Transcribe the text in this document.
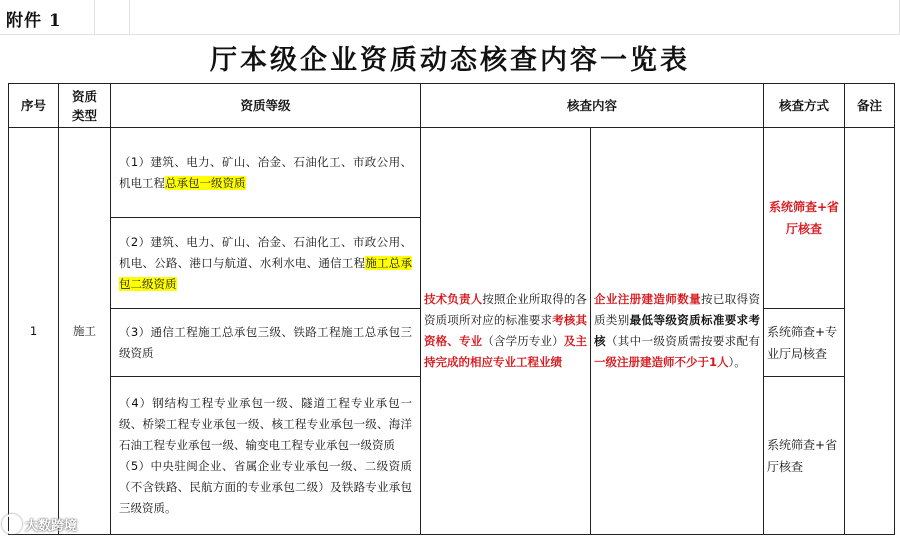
附件 1
厅本级企业资质动态核查内容一览表
序号	资质类型	资质等级	核查内容		核查方式	备注
1	施工	（1）建筑、电力、矿山、冶金、石油化工、市政公用、机电工程总承包一级资质	技术负责人按照企业所取得的各资质项所对应的标准要求考核其资格、专业（含学历专业）及主持完成的相应专业工程业绩	企业注册建造师数量按已取得资质类别最低等级资质标准要求考核（其中一级资质需按要求配有一级注册建造师不少于1人）。	系统筛查+省厅核查	
		（2）建筑、电力、矿山、冶金、石油化工、市政公用、机电、公路、港口与航道、水利水电、通信工程施工总承包二级资质				
		（3）通信工程施工总承包三级、铁路工程施工总承包三级资质			系统筛查+专业厅局核查	

		（4）钢结构工程专业承包一级、隧道工程专业承包一级、桥梁工程专业承包一级、核工程专业承包一级、海洋石油工程专业承包一级、输变电工程专业承包一级资质
（5）中央驻闽企业、省属企业专业承包一级、二级资质（不含铁路、民航方面的专业承包二级）及铁路专业承包三级资质。			系统筛查+省厅核查	
大数跨境
